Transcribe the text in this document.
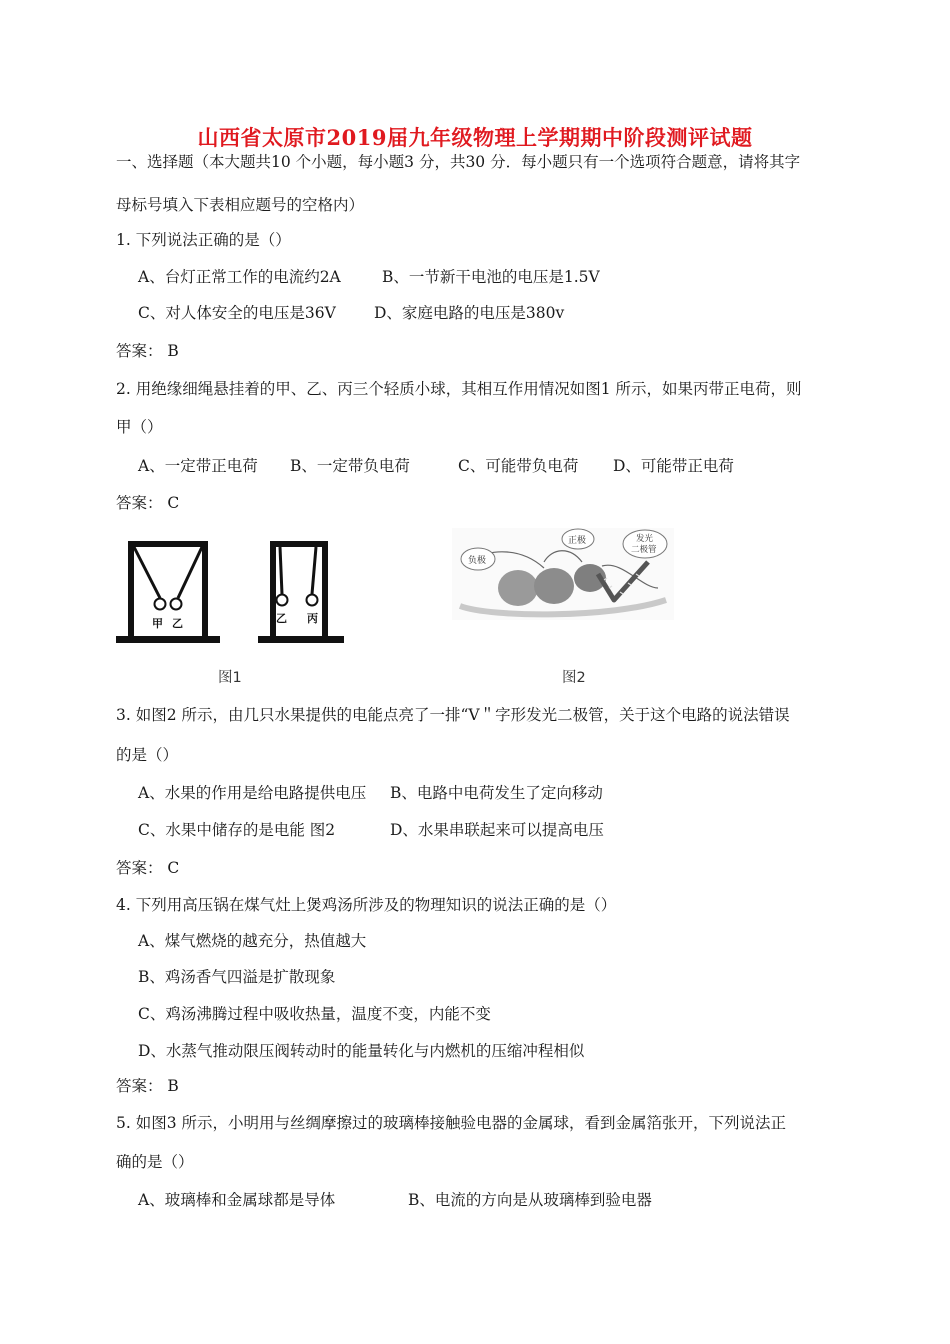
山西省太原市2019届九年级物理上学期期中阶段测评试题
一、选择题（本大题共10 个小题，每小题3 分，共30 分．每小题只有一个选项符合题意，请将其字
母标号填入下表相应题号的空格内）
1. 下列说法正确的是（）
A、台灯正常工作的电流约2A	B、一节新干电池的电压是1.5V
C、对人体安全的电压是36V D、家庭电路的电压是380v
答案： B
2. 用绝缘细绳悬挂着的甲、乙、丙三个轻质小球，其相互作用情况如图1 所示，如果丙带正电荷，则
甲（）
A、一定带正电荷 B、一定带负电荷	C、可能带负电荷 D、可能带正电荷
答案： C
甲 乙	乙 丙
图1
负极
正极	发光
二极管
图2
3. 如图2 所示，由几只水果提供的电能点亮了一排“V＂字形发光二极管，关于这个电路的说法错误
的是（）
A、水果的作用是给电路提供电压 B、电路中电荷发生了定向移动
C、水果中储存的是电能 图2	D、水果串联起来可以提高电压
答案： C
4. 下列用高压锅在煤气灶上煲鸡汤所涉及的物理知识的说法正确的是（）
A、煤气燃烧的越充分，热值越大
B、鸡汤香气四溢是扩散现象
C、鸡汤沸腾过程中吸收热量，温度不变，内能不变
D、水蒸气推动限压阀转动时的能量转化与内燃机的压缩冲程相似
答案： B
5. 如图3 所示，小明用与丝绸摩擦过的玻璃棒接触验电器的金属球，看到金属箔张开，下列说法正
确的是（）
A、玻璃棒和金属球都是导体	B、电流的方向是从玻璃棒到验电器
